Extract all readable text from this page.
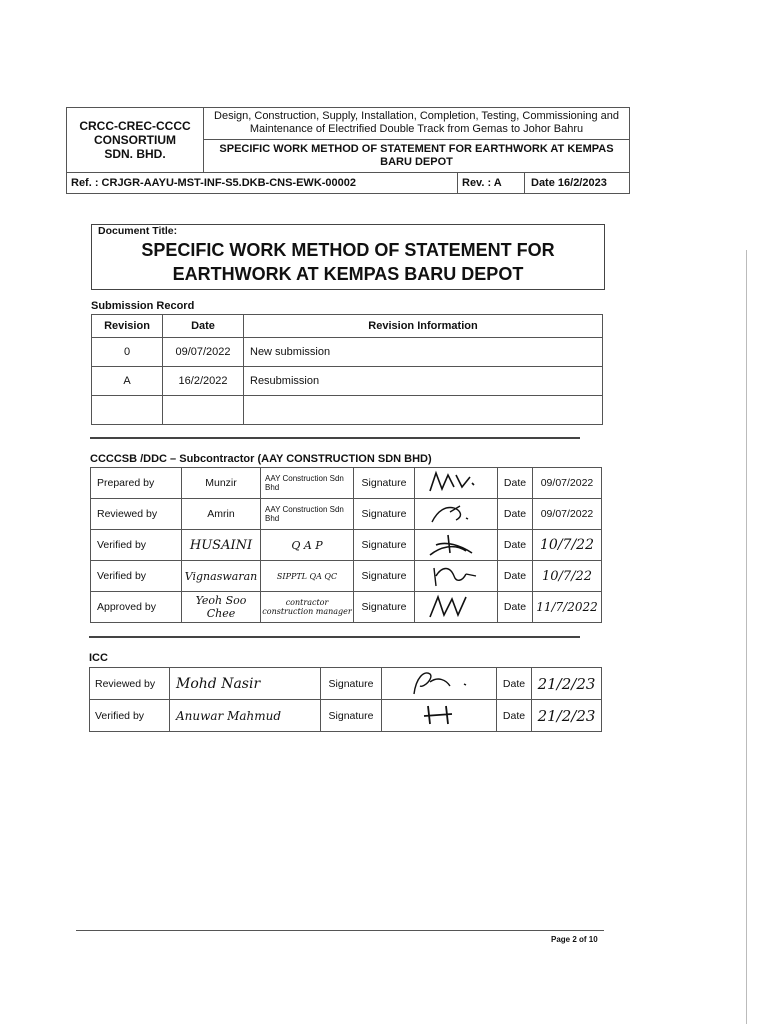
CRCC-CREC-CCCC
CONSORTIUM
SDN. BHD.	Design, Construction, Supply, Installation, Completion, Testing, Commissioning and Maintenance of Electrified Double Track from Gemas to Johor Bahru		
	SPECIFIC WORK METHOD OF STATEMENT FOR EARTHWORK AT KEMPAS BARU DEPOT		
Ref. : CRJGR-AAYU-MST-INF-S5.DKB-CNS-EWK-00002		Rev. : A	Date 16/2/2023
Document Title:
SPECIFIC WORK METHOD OF STATEMENT FOR
EARTHWORK AT KEMPAS BARU DEPOT
Submission Record
Revision	Date	Revision Information
0	09/07/2022	New submission
A	16/2/2022	Resubmission

CCCCSB /DDC – Subcontractor (AAY CONSTRUCTION SDN BHD)
Prepared by	Munzir	AAY Construction Sdn Bhd	Signature		Date	09/07/2022
Reviewed by	Amrin	AAY Construction Sdn Bhd	Signature		Date	09/07/2022
Verified by	HUSAINI	Q A P	Signature		Date	10/7/22
Verified by	Vignaswaran	SIPPTL QA QC	Signature		Date	10/7/22
Approved by	Yeoh Soo Chee	contractor construction manager	Signature		Date	11/7/2022
ICC
Reviewed by	Mohd Nasir	Signature		Date	21/2/23
Verified by	Anuwar Mahmud	Signature		Date	21/2/23
Page 2 of 10
